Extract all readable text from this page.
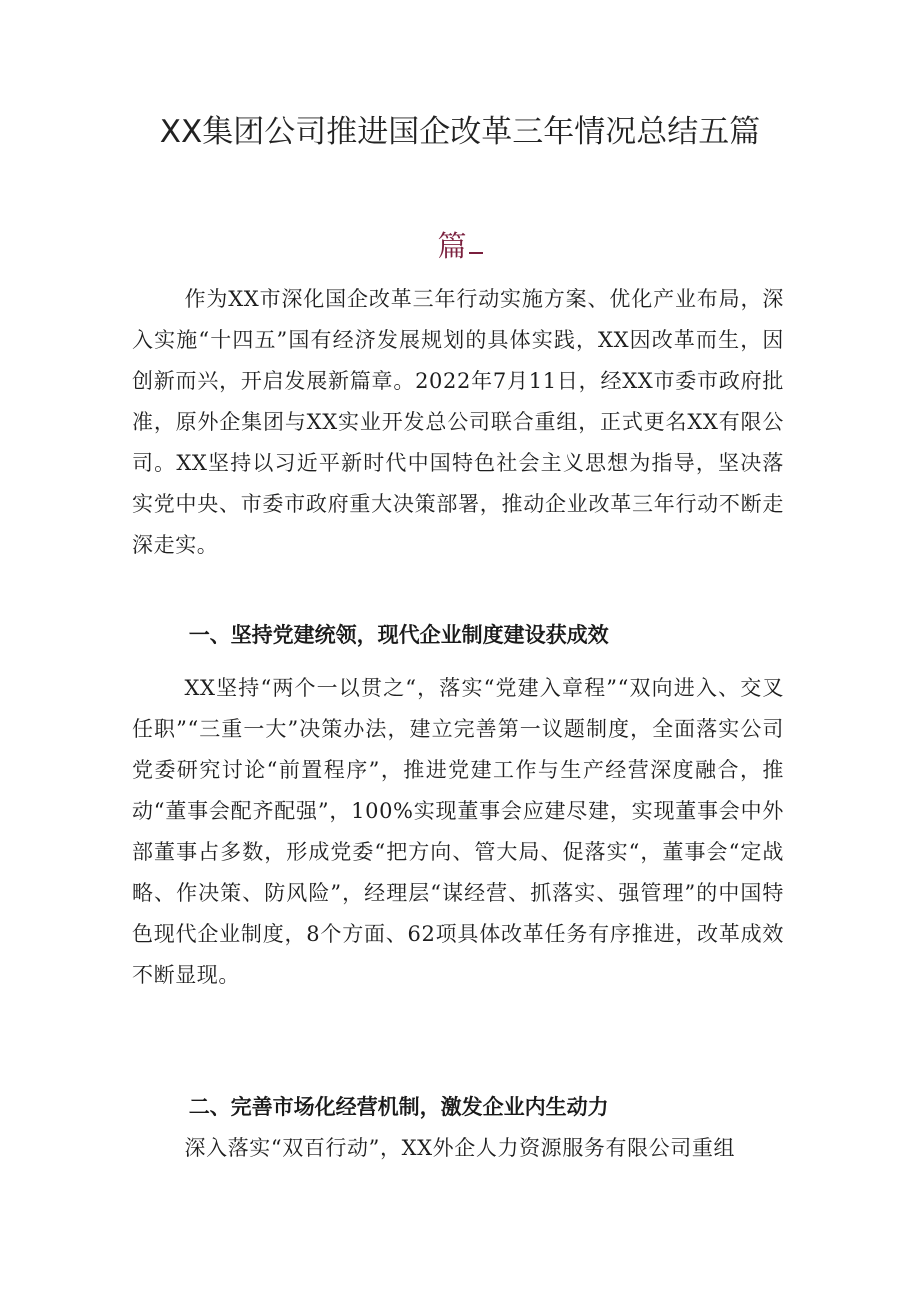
XX集团公司推进国企改革三年情况总结五篇
篇

作为XX市深化国企改革三年行动实施方案、优化产业布局，深入实施“十四五”国有经济发展规划的具体实践，XX因改革而生，因创新而兴，开启发展新篇章。2022年7月11日，经XX市委市政府批准，原外企集团与XX实业开发总公司联合重组，正式更名XX有限公司。XX坚持以习近平新时代中国特色社会主义思想为指导，坚决落实党中央、市委市政府重大决策部署，推动企业改革三年行动不断走深走实。

一、坚持党建统领，现代企业制度建设获成效

XX坚持“两个一以贯之“，落实“党建入章程”“双向进入、交叉任职”“三重一大”决策办法，建立完善第一议题制度，全面落实公司党委研究讨论“前置程序”，推进党建工作与生产经营深度融合，推动“董事会配齐配强”，100%实现董事会应建尽建，实现董事会中外部董事占多数，形成党委“把方向、管大局、促落实“，董事会“定战略、作决策、防风险”，经理层“谋经营、抓落实、强管理”的中国特色现代企业制度，8个方面、62项具体改革任务有序推进，改革成效不断显现。

二、完善市场化经营机制，激发企业内生动力

深入落实“双百行动”，XX外企人力资源服务有限公司重组
